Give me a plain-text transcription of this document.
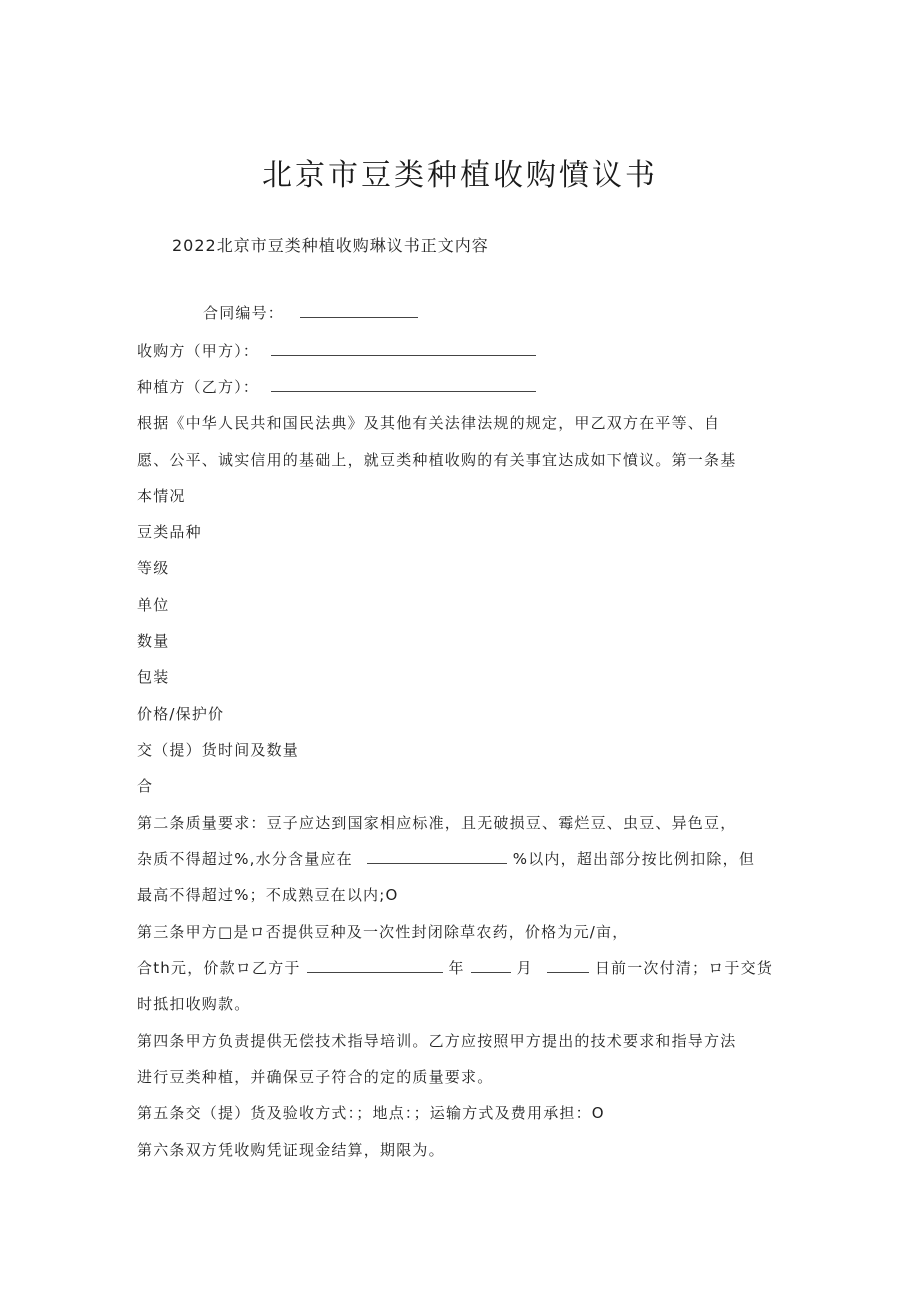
北京市豆类种植收购憤议书
2022北京市豆类种植收购琳议书正文内容
合同编号：
收购方（甲方）：
种植方（乙方）：
根据《中华人民共和国民法典》及其他有关法律法规的规定，甲乙双方在平等、自
愿、公平、诚实信用的基础上，就豆类种植收购的有关事宜达成如下憤议。第一条基
本情况
豆类品种
等级
单位
数量
包装
价格/保护价
交（提）货时间及数量
合
第二条质量要求：豆子应达到国家相应标准，且无破损豆、霉烂豆、虫豆、异色豆，
杂质不得超过%,水分含量应在	%以内，超出部分按比例扣除，但
最高不得超过%；不成熟豆在以内;O
第三条甲方□是ロ否提供豆种及一次性封闭除草农药，价格为元/亩，
合th元，价款ロ乙方于	年	月	日前一次付清；ロ于交货
时抵扣收购款。
第四条甲方负责提供无偿技术指导培训。乙方应按照甲方提出的技术要求和指导方法
进行豆类种植，并确保豆子符合的定的质量要求。
第五条交（提）货及验收方式：；地点：；运输方式及费用承担：O
第六条双方凭收购凭证现金结算，期限为。
